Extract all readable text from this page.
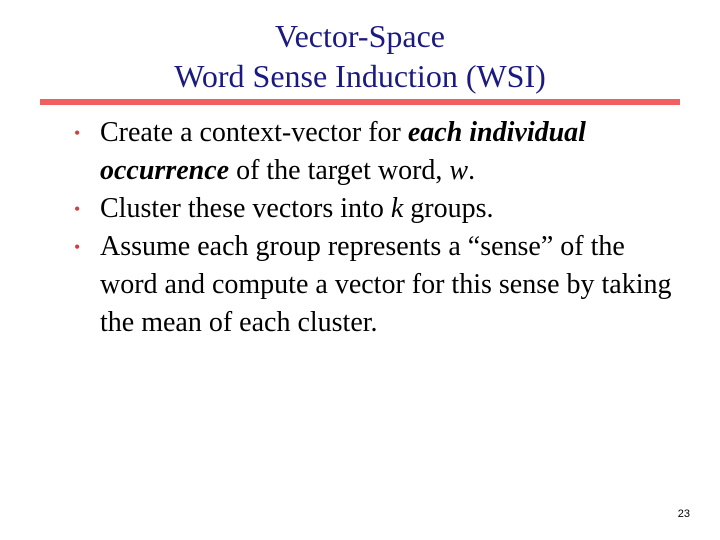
Vector-Space
Word Sense Induction (WSI)
• Create a context-vector for each individual occurrence of the target word, w.
• Cluster these vectors into k groups.
• Assume each group represents a “sense” of the word and compute a vector for this sense by taking the mean of each cluster.
23
